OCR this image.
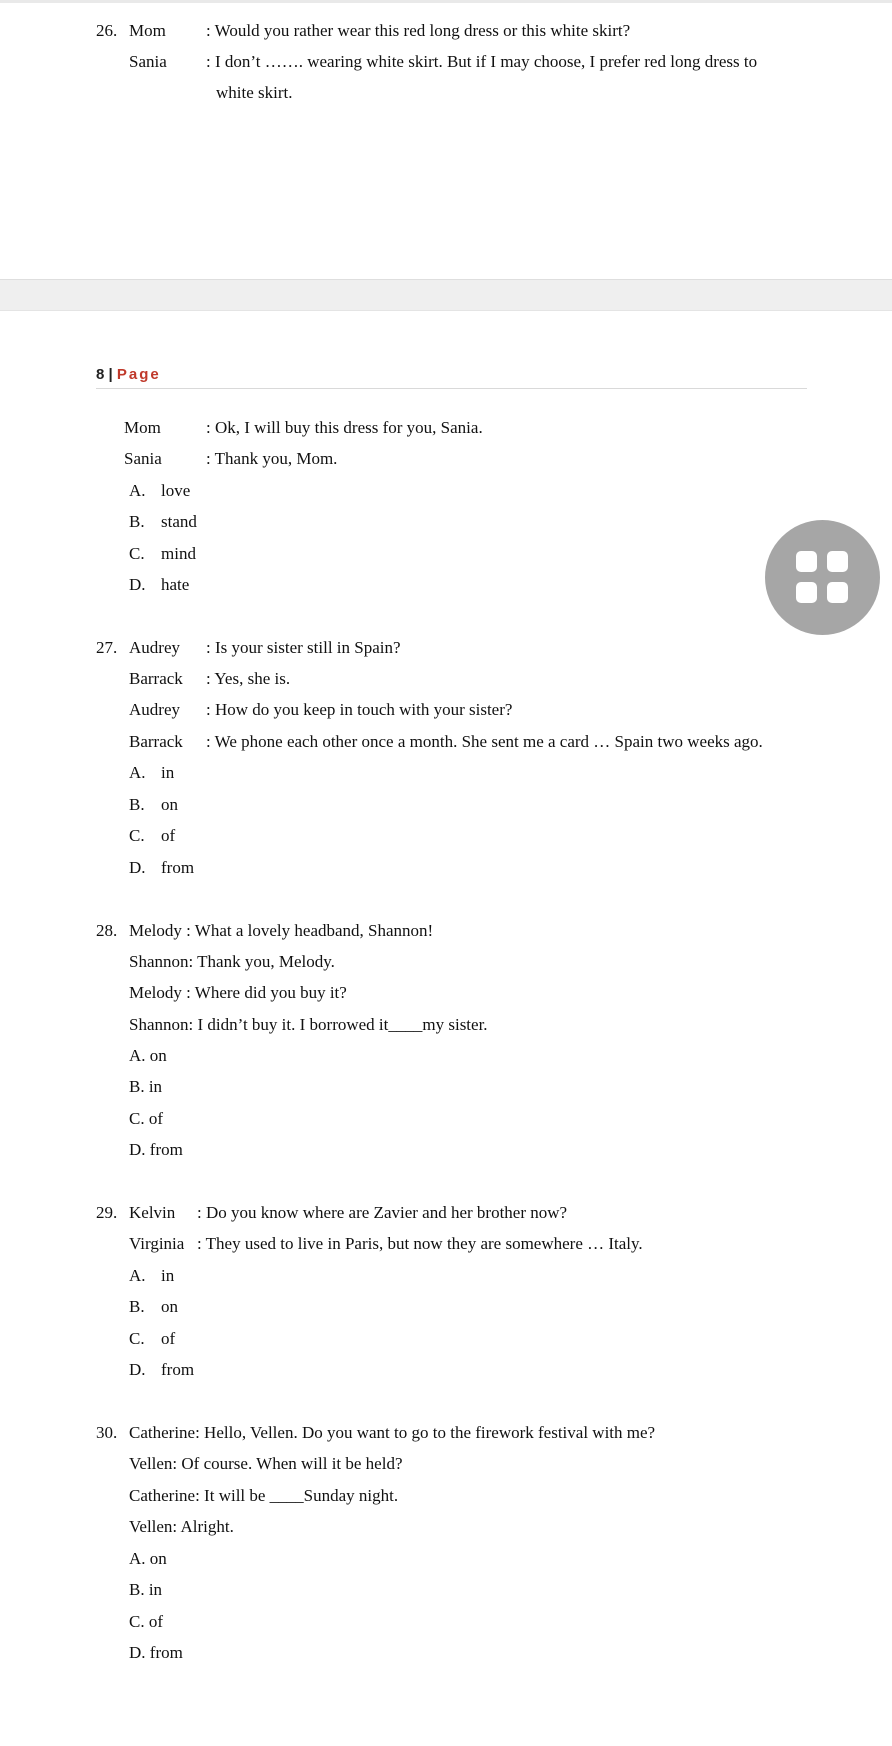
26. Mom : Would you rather wear this red long dress or this white skirt?
Sania : I don’t ……. wearing white skirt. But if I may choose, I prefer red long dress to
white skirt.
8 | Page
Mom	: Ok, I will buy this dress for you, Sania.
Sania	: Thank you, Mom.
A. love
B. stand
C. mind
D. hate
27. Audrey : Is your sister still in Spain?
Barrack : Yes, she is.
Audrey : How do you keep in touch with your sister?
Barrack : We phone each other once a month. She sent me a card … Spain two weeks ago.
A. in
B. on
C. of
D. from
28. Melody : What a lovely headband, Shannon!
Shannon: Thank you, Melody.
Melody : Where did you buy it?
Shannon: I didn’t buy it. I borrowed it____my sister.
A. on
B. in
C. of
D. from
29. Kelvin : Do you know where are Zavier and her brother now?
Virginia : They used to live in Paris, but now they are somewhere … Italy.
A. in
B. on
C. of
D. from
30. Catherine: Hello, Vellen. Do you want to go to the firework festival with me?
Vellen: Of course. When will it be held?
Catherine: It will be ____Sunday night.
Vellen: Alright.
A. on
B. in
C. of
D. from
